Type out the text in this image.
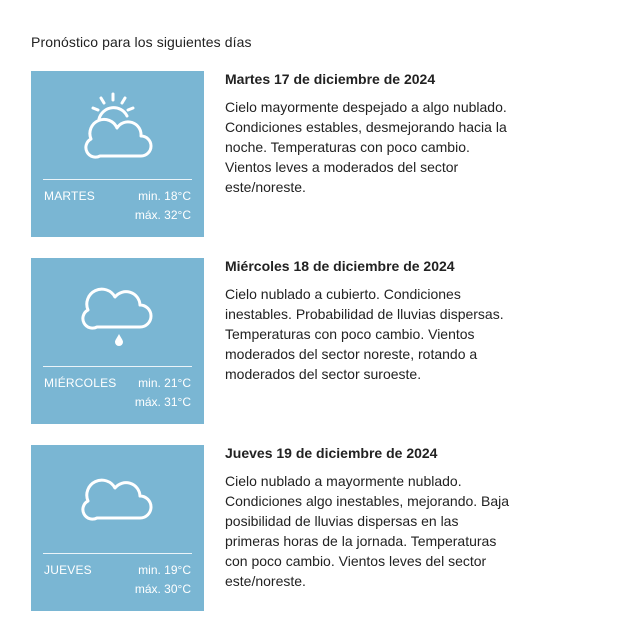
Pronóstico para los siguientes días
MARTES	min. 18°C
máx. 32°C

Martes 17 de diciembre de 2024

Cielo mayormente despejado a algo nublado. Condiciones estables, desmejorando hacia la noche. Temperaturas con poco cambio. Vientos leves a moderados del sector este/noreste.

MIÉRCOLES min. 21°C
máx. 31°C

Miércoles 18 de diciembre de 2024

Cielo nublado a cubierto. Condiciones inestables. Probabilidad de lluvias dispersas. Temperaturas con poco cambio. Vientos moderados del sector noreste, rotando a moderados del sector suroeste.

JUEVES	min. 19°C
máx. 30°C

Jueves 19 de diciembre de 2024

Cielo nublado a mayormente nublado. Condiciones algo inestables, mejorando. Baja posibilidad de lluvias dispersas en las primeras horas de la jornada. Temperaturas con poco cambio. Vientos leves del sector este/noreste.
